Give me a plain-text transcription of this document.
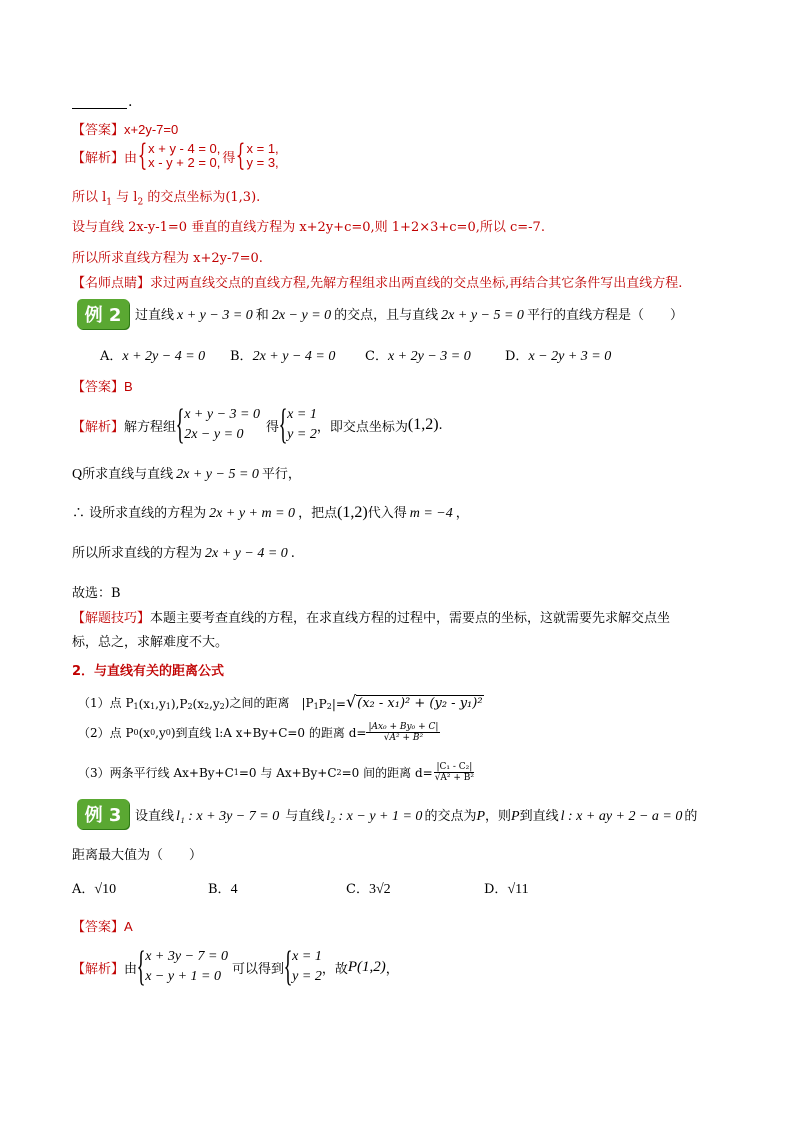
.
【答案】x+2y-7=0
【解析】 由 { x + y - 4 = 0,
x - y + 2 = 0, 得 { x = 1,
y = 3,
所以 $l_1$ 与 $l_2$ 的交点坐标为(1,3).
设与直线 2x-y-1=0 垂直的直线方程为 x+2y+c=0,则 1+2×3+c=0,所以 c=-7.
所以所求直线方程为 x+2y-7=0.
【名师点睛】求过两直线交点的直线方程,先解方程组求出两直线的交点坐标,再结合其它条件写出直线方程.
例 2	过直线 x + y − 3 = 0 和 2x − y = 0 的交点，且与直线 2x + y − 5 = 0 平行的直线方程是（　　）
A．x + 2y − 4 = 0 B．2x + y − 4 = 0 C．x + 2y − 3 = 0	D．x − 2y + 3 = 0
【答案】B
【解析】 解方程组 { x + y − 3 = 0
2x − y = 0	得 { x = 1
y = 2 ，即交点坐标为 (1,2) .
Q所求直线与直线 2x + y − 5 = 0 平行，
∴ 设所求直线的方程为 2x + y + m = 0 ，把点(1,2)代入得 m = −4 ，
所以所求直线的方程为 2x + y − 4 = 0 .
故选：B
【解题技巧】本题主要考查直线的方程，在求直线方程的过程中，需要点的坐标，这就需要先求解交点坐
标，总之，求解难度不大。
2．与直线有关的距离公式
（1）点 $P_1$ ($x_1$ $,y_1$ )$,P_2$ ($x_2$ $,y_2$ )之间的距离　$|P_1$ $P_2$ |= √ (x₂ - x₁)² + (y₂ - y₁)²
（2）点 P 0 (x 0 ,y 0 )到直线 l:A x+By+C=0 的距离 $d= \frac{\text{|Ax₀ + By₀ + C|}}{\text{√A² + B²}}$
（3）两条平行线 Ax+By+C 1 =0 与 Ax+By+C 2 =0 间的距离 $d= \frac{\text{|C₁ - C₂|}}{\text{√A² + B²}}$
例 3	设直线 l₁ : x + 3y − 7 = 0 与直线 l₂ : x − y + 1 = 0 的交点为P，则P到直线 l : x + ay + 2 − a = 0 的
距离最大值为（　　）
A．√10	B．4	C．3√2	D．√11
【答案】A
【解析】 由 { x + 3y − 7 = 0
x − y + 1 = 0 可以得到 { x = 1
y = 2 ，故 P(1,2) ，
